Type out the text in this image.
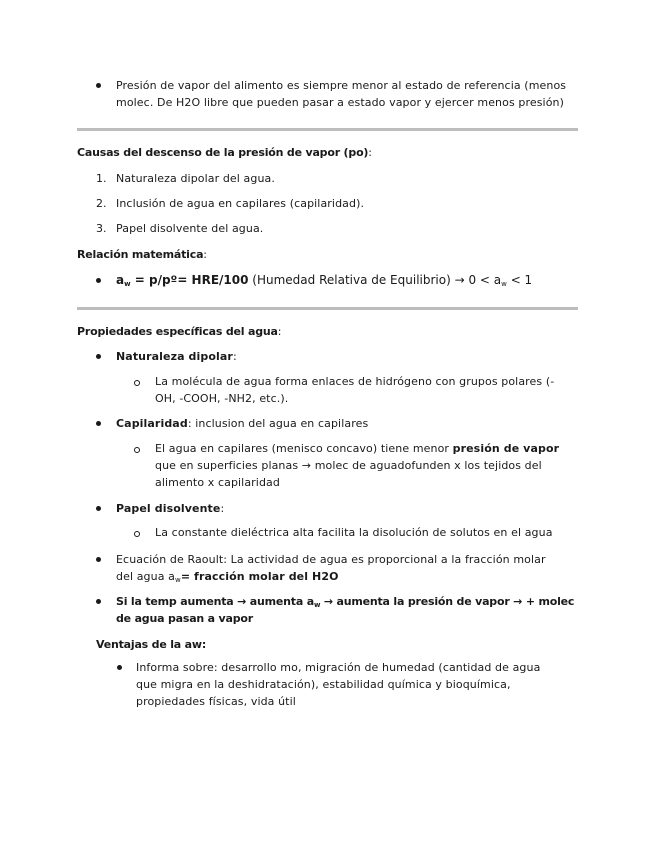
Presión de vapor del alimento es siempre menor al estado de referencia (menos
molec. De H2O libre que pueden pasar a estado vapor y ejercer menos presión)
Causas del descenso de la presión de vapor (po):
1. Naturaleza dipolar del agua.
2. Inclusión de agua en capilares (capilaridad).
3. Papel disolvente del agua.
Relación matemática:
$a_w$ = p/pº= HRE/100 (Humedad Relativa de Equilibrio) → $0 < a_w < 1$
Propiedades específicas del agua:
Naturaleza dipolar:
La molécula de agua forma enlaces de hidrógeno con grupos polares (-
OH, -COOH, -NH2, etc.).
Capilaridad: inclusion del agua en capilares
El agua en capilares (menisco concavo) tiene menor presión de vapor
que en superficies planas → molec de aguadofunden x los tejidos del
alimento x capilaridad
Papel disolvente:
La constante dieléctrica alta facilita la disolución de solutos en el agua
Ecuación de Raoult: La actividad de agua es proporcional a la fracción molar
del agua $a_w=$ fracción molar del H2O
Si la temp aumenta → aumenta $a_w$ → aumenta la presión de vapor → + molec
de agua pasan a vapor
Ventajas de la aw:
Informa sobre: desarrollo mo, migración de humedad (cantidad de agua
que migra en la deshidratación), estabilidad química y bioquímica,
propiedades físicas, vida útil
